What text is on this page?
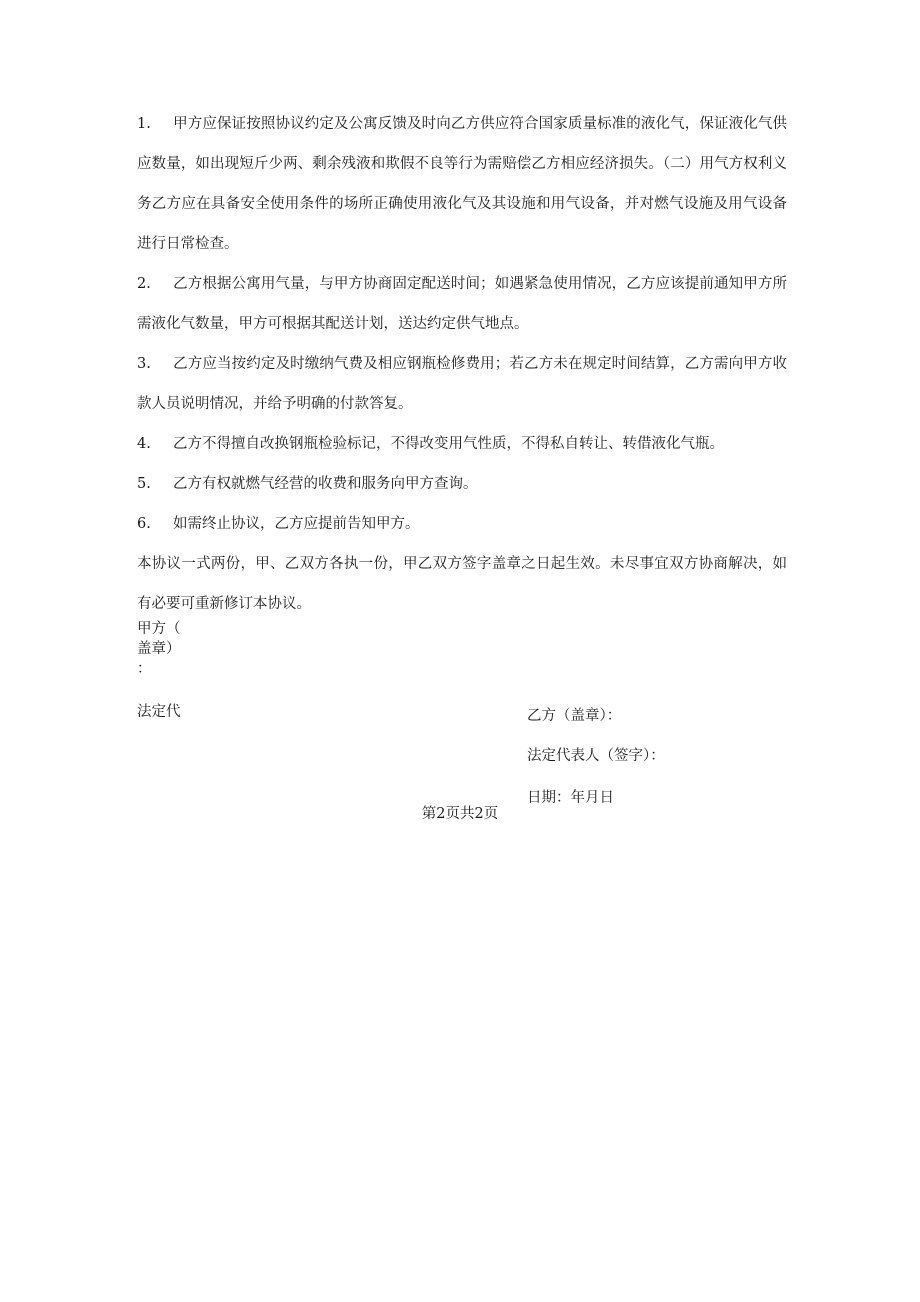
1. 甲方应保证按照协议约定及公寓反馈及时向乙方供应符合国家质量标准的液化气，保证液化气供应数量，如出现短斤少两、剩余残液和欺假不良等行为需赔偿乙方相应经济损失。（二）用气方权利义务乙方应在具备安全使用条件的场所正确使用液化气及其设施和用气设备，并对燃气设施及用气设备进行日常检查。

2. 乙方根据公寓用气量，与甲方协商固定配送时间；如遇紧急使用情况，乙方应该提前通知甲方所需液化气数量，甲方可根据其配送计划，送达约定供气地点。

3. 乙方应当按约定及时缴纳气费及相应钢瓶检修费用；若乙方未在规定时间结算，乙方需向甲方收款人员说明情况，并给予明确的付款答复。

4. 乙方不得擅自改换钢瓶检验标记，不得改变用气性质，不得私自转让、转借液化气瓶。

5. 乙方有权就燃气经营的收费和服务向甲方查询。

6. 如需终止协议，乙方应提前告知甲方。

本协议一式两份，甲、乙双方各执一份，甲乙双方签字盖章之日起生效。未尽事宜双方协商解决，如有必要可重新修订本协议。

甲方（
盖章）
：
法定代	乙方（盖章）：
法定代表人（签字）：
日期：年月日
第2页共2页
